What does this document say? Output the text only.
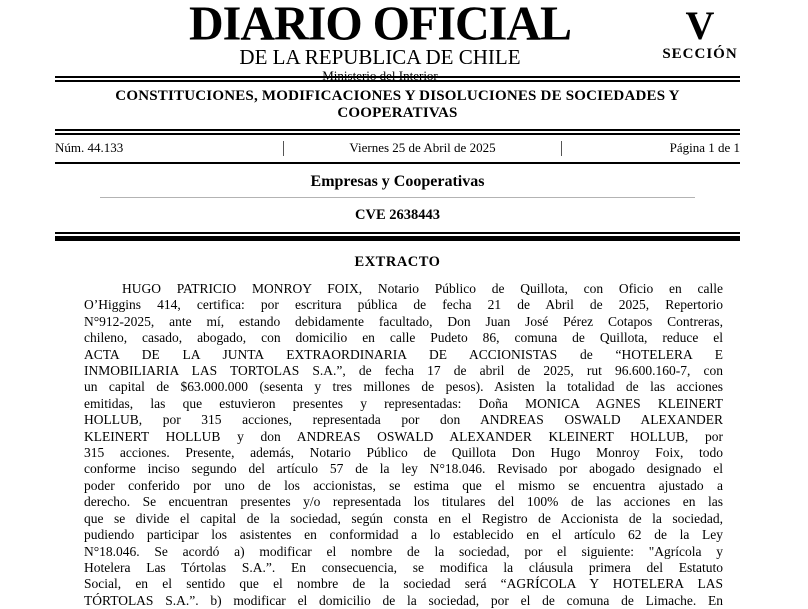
DIARIO OFICIAL
DE LA REPUBLICA DE CHILE
Ministerio del Interior
V
SECCIÓN
CONSTITUCIONES, MODIFICACIONES Y DISOLUCIONES DE SOCIEDADES Y COOPERATIVAS
Núm. 44.133	Viernes 25 de Abril de 2025	Página 1 de 1
Empresas y Cooperativas
CVE 2638443
EXTRACTO
HUGO PATRICIO MONROY FOIX, Notario Público de Quillota, con Oficio en calle
O’Higgins 414, certifica: por escritura pública de fecha 21 de Abril de 2025, Repertorio
N°912-2025, ante mí, estando debidamente facultado, Don Juan José Pérez Cotapos Contreras,
chileno, casado, abogado, con domicilio en calle Pudeto 86, comuna de Quillota, reduce el
ACTA DE LA JUNTA EXTRAORDINARIA DE ACCIONISTAS de “HOTELERA E
INMOBILIARIA LAS TORTOLAS S.A.”, de fecha 17 de abril de 2025, rut 96.600.160-7, con
un capital de $63.000.000 (sesenta y tres millones de pesos). Asisten la totalidad de las acciones
emitidas, las que estuvieron presentes y representadas: Doña MONICA AGNES KLEINERT
HOLLUB, por 315 acciones, representada por don ANDREAS OSWALD ALEXANDER
KLEINERT HOLLUB y don ANDREAS OSWALD ALEXANDER KLEINERT HOLLUB, por
315 acciones. Presente, además, Notario Público de Quillota Don Hugo Monroy Foix, todo
conforme inciso segundo del artículo 57 de la ley N°18.046. Revisado por abogado designado el
poder conferido por uno de los accionistas, se estima que el mismo se encuentra ajustado a
derecho. Se encuentran presentes y/o representada los titulares del 100% de las acciones en las
que se divide el capital de la sociedad, según consta en el Registro de Accionista de la sociedad,
pudiendo participar los asistentes en conformidad a lo establecido en el artículo 62 de la Ley
N°18.046. Se acordó a) modificar el nombre de la sociedad, por el siguiente: "Agrícola y
Hotelera Las Tórtolas S.A.”. En consecuencia, se modifica la cláusula primera del Estatuto
Social, en el sentido que el nombre de la sociedad será “AGRÍCOLA Y HOTELERA LAS
TÓRTOLAS S.A.”. b) modificar el domicilio de la sociedad, por el de comuna de Limache. En
